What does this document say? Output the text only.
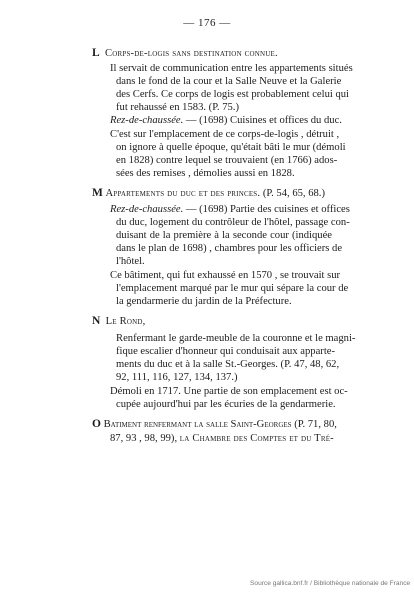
— 176 —
L Corps-de-logis sans destination connue.
Il servait de communication entre les appartements situés
dans le fond de la cour et la Salle Neuve et la Galerie
des Cerfs. Ce corps de logis est probablement celui qui
fut rehaussé en 1583. (P. 75.)
Rez-de-chaussée. — (1698) Cuisines et offices du duc.
C'est sur l'emplacement de ce corps-de-logis , détruit ,
on ignore à quelle époque, qu'était bâti le mur (démoli
en 1828) contre lequel se trouvaient (en 1766) ados-
sées des remises , démolies aussi en 1828.
M Appartements du duc et des princes. (P. 54, 65, 68.)
Rez-de-chaussée. — (1698) Partie des cuisines et offices
du duc, logement du contrôleur de l'hôtel, passage con-
duisant de la première à la seconde cour (indiquée
dans le plan de 1698) , chambres pour les officiers de
l'hôtel.
Ce bâtiment, qui fut exhaussé en 1570 , se trouvait sur
l'emplacement marqué par le mur qui sépare la cour de
la gendarmerie du jardin de la Préfecture.
N Le Rond,
Renfermant le garde-meuble de la couronne et le magni-
fique escalier d'honneur qui conduisait aux apparte-
ments du duc et à la salle St.-Georges. (P. 47, 48, 62,
92, 111, 116, 127, 134, 137.)
Démoli en 1717. Une partie de son emplacement est oc-
cupée aujourd'hui par les écuries de la gendarmerie.
O Batiment renfermant la salle Saint-Georges (P. 71, 80,
87, 93 , 98, 99), la Chambre des Comptes et du Tré-
Source gallica.bnf.fr / Bibliothèque nationale de France
